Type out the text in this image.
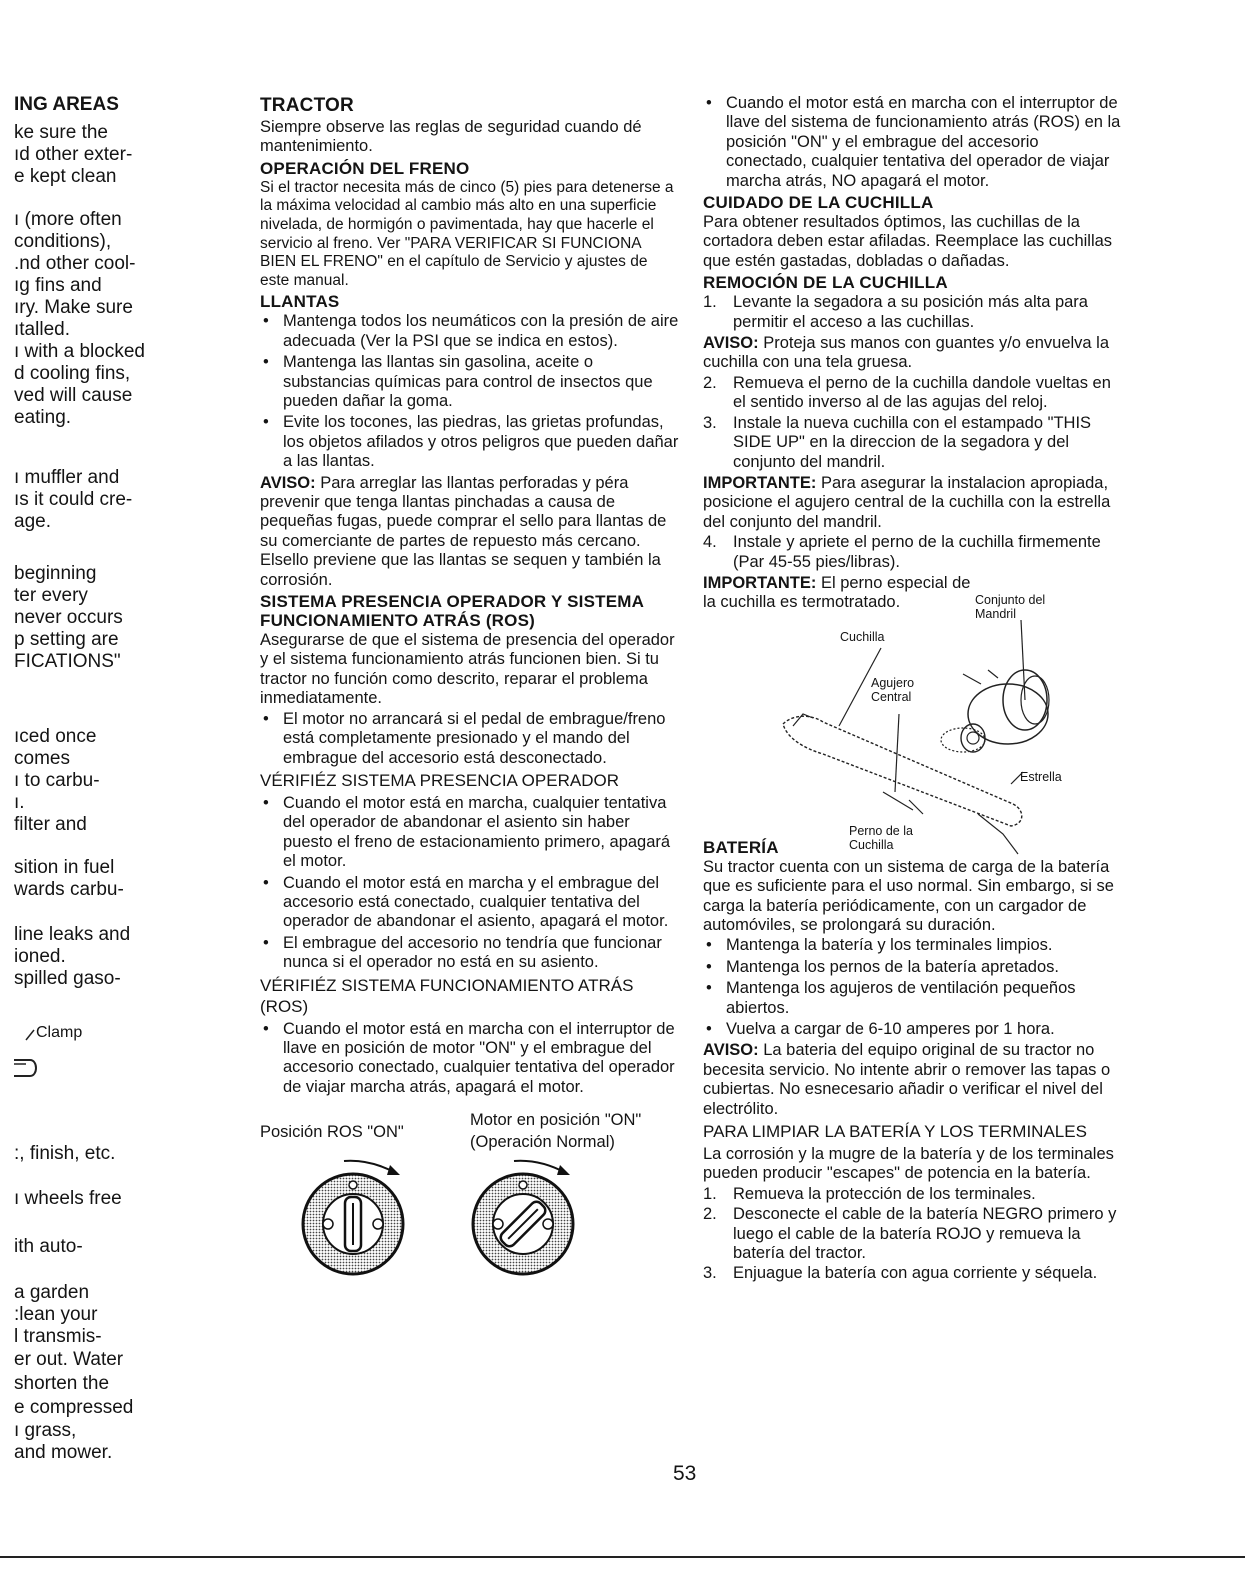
ING AREAS
ke sure the
ıd other exter-
e kept clean
ı (more often
conditions),
.nd other cool-
ıg fins and
ıry. Make sure
ıtalled.
ı with a blocked
d cooling fins,
ved will cause
eating.
ı muffler and
ıs it could cre-
age.
beginning
ter every
never occurs
p setting are
FICATIONS"
ıced once
comes
ı to carbu-
ı.
filter and
sition in fuel
wards carbu-
line leaks and
ioned.
spilled gaso-
Clamp
:, finish, etc.
ı wheels free
ith auto-
a garden
:lean your
l transmis-
er out. Water
shorten the
e compressed
ı grass,
and mower.
TRACTOR

Siempre observe las reglas de seguridad cuando dé mantenimiento.

OPERACIÓN DEL FRENO

Si el tractor necesita más de cinco (5) pies para detenerse a la máxima velocidad al cambio más alto en una superficie nivelada, de hormigón o pavimentada, hay que hacerle el servicio al freno. Ver "PARA VERIFICAR SI FUNCIONA BIEN EL FRENO" en el capítulo de Servicio y ajustes de este manual.

LLANTAS
• Mantenga todos los neumáticos con la presión de aire adecuada (Ver la PSI que se indica en estos).
• Mantenga las llantas sin gasolina, aceite o substancias químicas para control de insectos que pueden dañar la goma.
• Evite los tocones, las piedras, las grietas profundas, los objetos afilados y otros peligros que pueden dañar a las llantas.

AVISO: Para arreglar las llantas perforadas y péra prevenir que tenga llantas pinchadas a causa de pequeñas fugas, puede comprar el sello para llantas de su comerciante de partes de repuesto más cercano. Elsello previene que las llantas se sequen y también la corrosión.

SISTEMA PRESENCIA OPERADOR Y SISTEMA FUNCIONAMIENTO ATRÁS (ROS)

Asegurarse de que el sistema de presencia del operador y el sistema funcionamiento atrás funcionen bien. Si tu tractor no función como descrito, reparar el problema inmediatamente.

• El motor no arrancará si el pedal de embrague/freno está completamente presionado y el mando del embrague del accesorio está desconectado.
VÉRIFIÉZ SISTEMA PRESENCIA OPERADOR
• Cuando el motor está en marcha, cualquier tentativa del operador de abandonar el asiento sin haber puesto el freno de estacionamiento primero, apagará el motor.
• Cuando el motor está en marcha y el embrague del accesorio está conectado, cualquier tentativa del operador de abandonar el asiento, apagará el motor.
• El embrague del accesorio no tendría que funcionar nunca si el operador no está en su asiento.
VÉRIFIÉZ SISTEMA FUNCIONAMIENTO ATRÁS (ROS)
• Cuando el motor está en marcha con el interruptor de llave en posición de motor "ON" y el embrague del accesorio conectado, cualquier tentativa del operador de viajar marcha atrás, apagará el motor.
Posición ROS "ON"
Motor en posición "ON"
(Operación Normal)
• Cuando el motor está en marcha con el interruptor de llave del sistema de funcionamiento atrás (ROS) en la posición "ON" y el embrague del accesorio conectado, cualquier tentativa del operador de viajar marcha atrás, NO apagará el motor.
CUIDADO DE LA CUCHILLA

Para obtener resultados óptimos, las cuchillas de la cortadora deben estar afiladas. Reemplace las cuchillas que estén gastadas, dobladas o dañadas.

REMOCIÓN DE LA CUCHILLA
1. Levante la segadora a su posición más alta para permitir el acceso a las cuchillas.

AVISO: Proteja sus manos con guantes y/o envuelva la cuchilla con una tela gruesa.

2. Remueva el perno de la cuchilla dandole vueltas en el sentido inverso al de las agujas del reloj.
3. Instale la nueva cuchilla con el estampado "THIS SIDE UP" en la direccion de la segadora y del conjunto del mandril.

IMPORTANTE: Para asegurar la instalacion apropiada, posicione el agujero central de la cuchilla con la estrella del conjunto del mandril.

4. Instale y apriete el perno de la cuchilla firmemente (Par 45-55 pies/libras).

IMPORTANTE: El perno especial de la cuchilla es termotratado.	Conjunto del
Mandril
Cuchilla
Agujero
Central
Estrella
Perno de la
Cuchilla
BATERÍA

Su tractor cuenta con un sistema de carga de la batería que es suficiente para el uso normal. Sin embargo, si se carga la batería periódicamente, con un cargador de automóviles, se prolongará su duración.

• Mantenga la batería y los terminales limpios.
• Mantenga los pernos de la batería apretados.
• Mantenga los agujeros de ventilación pequeños abiertos.
• Vuelva a cargar de 6-10 amperes por 1 hora.

AVISO: La bateria del equipo original de su tractor no becesita servicio. No intente abrir o remover las tapas o cubiertas. No esnecesario añadir o verificar el nivel del electrólito.

PARA LIMPIAR LA BATERÍA Y LOS TERMINALES

La corrosión y la mugre de la batería y de los terminales pueden producir "escapes" de potencia en la batería.

1. Remueva la protección de los terminales.
2. Desconecte el cable de la batería NEGRO primero y luego el cable de la batería ROJO y remueva la batería del tractor.
3. Enjuague la batería con agua corriente y séquela.
53
